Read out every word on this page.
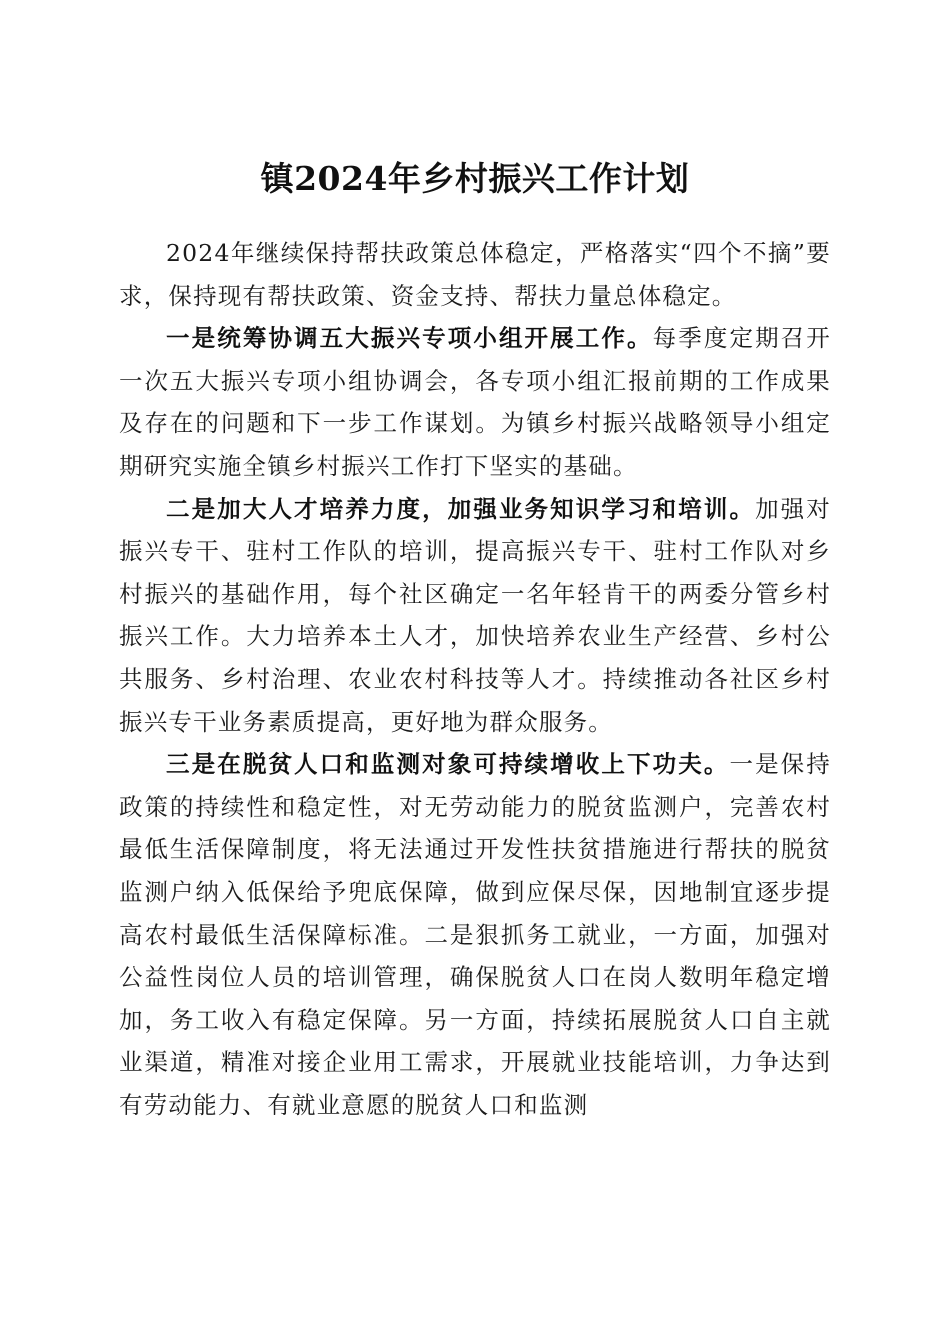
镇2024年乡村振兴工作计划

2024年继续保持帮扶政策总体稳定，严格落实“四个不摘”要求，保持现有帮扶政策、资金支持、帮扶力量总体稳定。

一是统筹协调五大振兴专项小组开展工作。每季度定期召开一次五大振兴专项小组协调会，各专项小组汇报前期的工作成果及存在的问题和下一步工作谋划。为镇乡村振兴战略领导小组定期研究实施全镇乡村振兴工作打下坚实的基础。

二是加大人才培养力度，加强业务知识学习和培训。加强对振兴专干、驻村工作队的培训，提高振兴专干、驻村工作队对乡村振兴的基础作用，每个社区确定一名年轻肯干的两委分管乡村振兴工作。大力培养本土人才，加快培养农业生产经营、乡村公共服务、乡村治理、农业农村科技等人才。持续推动各社区乡村振兴专干业务素质提高，更好地为群众服务。

三是在脱贫人口和监测对象可持续增收上下功夫。一是保持政策的持续性和稳定性，对无劳动能力的脱贫监测户，完善农村最低生活保障制度，将无法通过开发性扶贫措施进行帮扶的脱贫监测户纳入低保给予兜底保障，做到应保尽保，因地制宜逐步提高农村最低生活保障标准。二是狠抓务工就业，一方面，加强对公益性岗位人员的培训管理，确保脱贫人口在岗人数明年稳定增加，务工收入有稳定保障。另一方面，持续拓展脱贫人口自主就业渠道，精准对接企业用工需求，开展就业技能培训，力争达到有劳动能力、有就业意愿的脱贫人口和监测
